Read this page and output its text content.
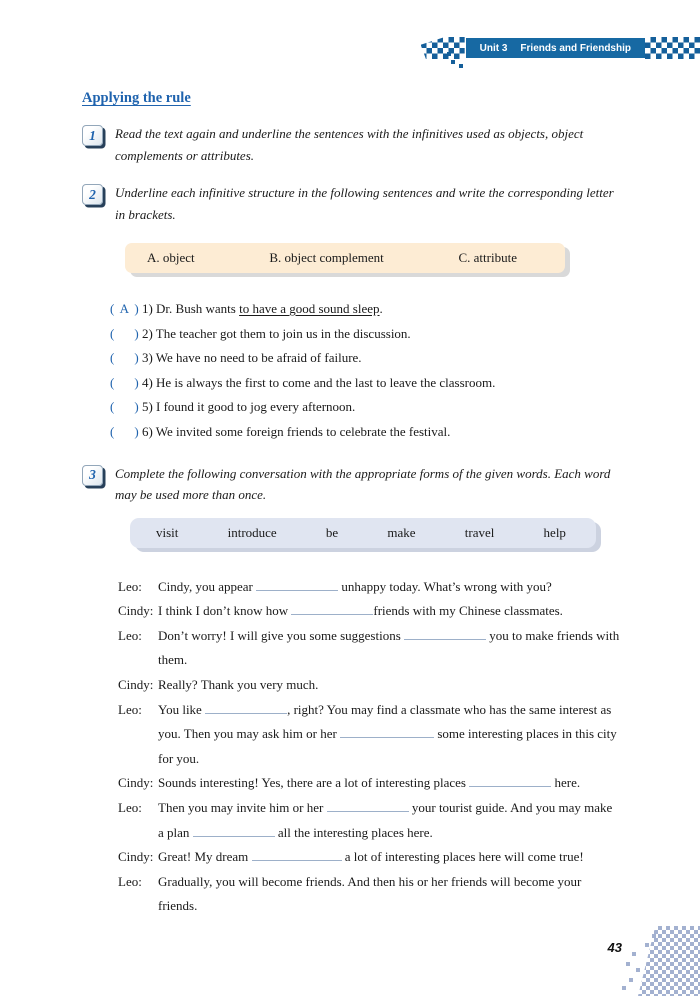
Unit 3 Friends and Friendship
Applying the rule
1	Read the text again and underline the sentences with the infinitives used as objects, object complements or attributes.
2	Underline each infinitive structure in the following sentences and write the corresponding letter in brackets.
A. object	B. object complement	C. attribute
( A ) 1) Dr. Bush wants to have a good sound sleep.
( ) 2) The teacher got them to join us in the discussion.
( ) 3) We have no need to be afraid of failure.
( ) 4) He is always the first to come and the last to leave the classroom.
( ) 5) I found it good to jog every afternoon.
( ) 6) We invited some foreign friends to celebrate the festival.
3	Complete the following conversation with the appropriate forms of the given words. Each word may be used more than once.
visit	introduce	be	make	travel	help
Leo:	Cindy, you appear	unhappy today. What’s wrong with you?
Cindy: I think I don’t know how	friends with my Chinese classmates.
Leo:	Don’t worry! I will give you some suggestions	you to make friends with them.
Cindy: Really? Thank you very much.
Leo:	You like	, right? You may find a classmate who has the same interest as you. Then you may ask him or her	some interesting places in this city for you.
Cindy: Sounds interesting! Yes, there are a lot of interesting places	here.
Leo:	Then you may invite him or her	your tourist guide. And you may make a plan	all the interesting places here.
Cindy: Great! My dream	a lot of interesting places here will come true!
Leo:	Gradually, you will become friends. And then his or her friends will become your friends.
43
